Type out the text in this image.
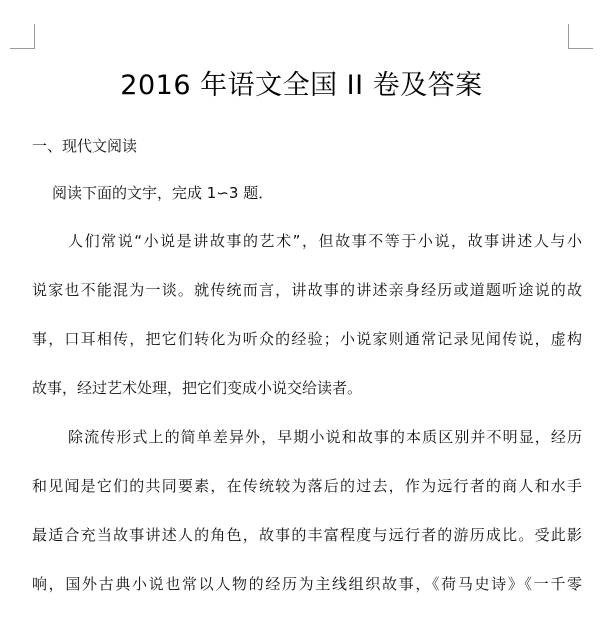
2016 年语文全国 II 卷及答案

一、现代文阅读

阅读下面的文宇，完成 1∽3 题．

人们常说“小说是讲故事的艺术”，但故事不等于小说，故事讲述人与小
说家也不能混为一谈。就传统而言，讲故事的讲述亲身经历或道题听途说的故
事，口耳相传，把它们转化为听众的经验；小说家则通常记录见闻传说，虚构
故事，经过艺术处理，把它们变成小说交给读者。
除流传形式上的简单差异外，早期小说和故事的本质区别并不明显，经历
和见闻是它们的共同要素，在传统较为落后的过去，作为远行者的商人和水手
最适合充当故事讲述人的角色，故事的丰富程度与远行者的游历成比。受此影
响，国外古典小说也常以人物的经历为主线组织故事，《荷马史诗》《一千零
